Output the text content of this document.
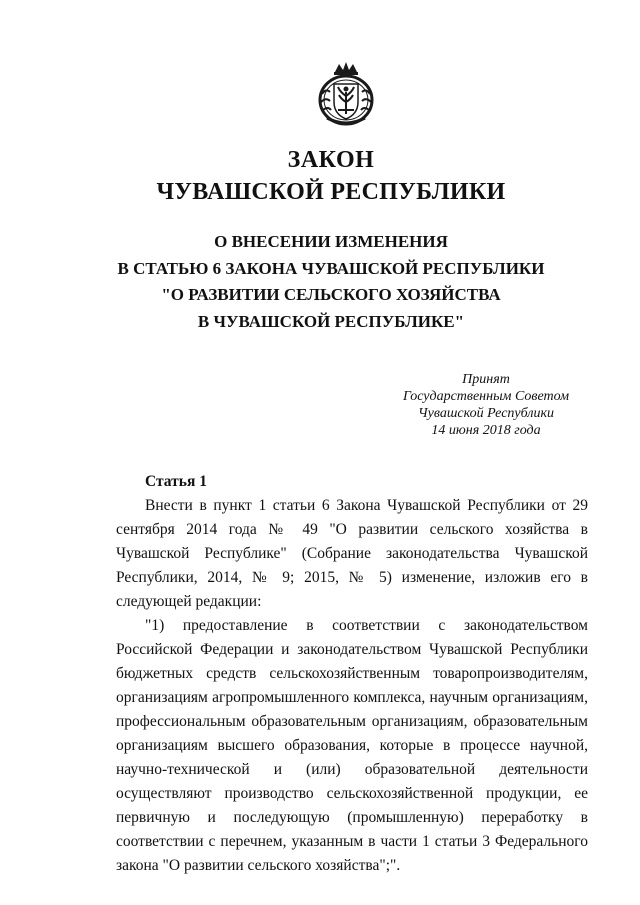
ЗАКОН
ЧУВАШСКОЙ РЕСПУБЛИКИ
О ВНЕСЕНИИ ИЗМЕНЕНИЯ
В СТАТЬЮ 6 ЗАКОНА ЧУВАШСКОЙ РЕСПУБЛИКИ
"О РАЗВИТИИ СЕЛЬСКОГО ХОЗЯЙСТВА
В ЧУВАШСКОЙ РЕСПУБЛИКЕ"
Принят
Государственным Советом
Чувашской Республики
14 июня 2018 года
Статья 1

Внести в пункт 1 статьи 6 Закона Чувашской Республики от 29 сентября 2014 года № 49 "О развитии сельского хозяйства в Чувашской Республике" (Собрание законодательства Чувашской Республики, 2014, № 9; 2015, № 5) изменение, изложив его в следующей редакции:

"1) предоставление в соответствии с законодательством Российской Федерации и законодательством Чувашской Республики бюджетных средств сельскохозяйственным товаропроизводителям, организациям агропромышленного комплекса, научным организациям, профессиональным образовательным организациям, образовательным организациям высшего образования, которые в процессе научной, научно-технической и (или) образовательной деятельности осуществляют производство сельскохозяйственной продукции, ее первичную и последующую (промышленную) переработку в соответствии с перечнем, указанным в части 1 статьи 3 Федерального закона "О развитии сельского хозяйства";".
